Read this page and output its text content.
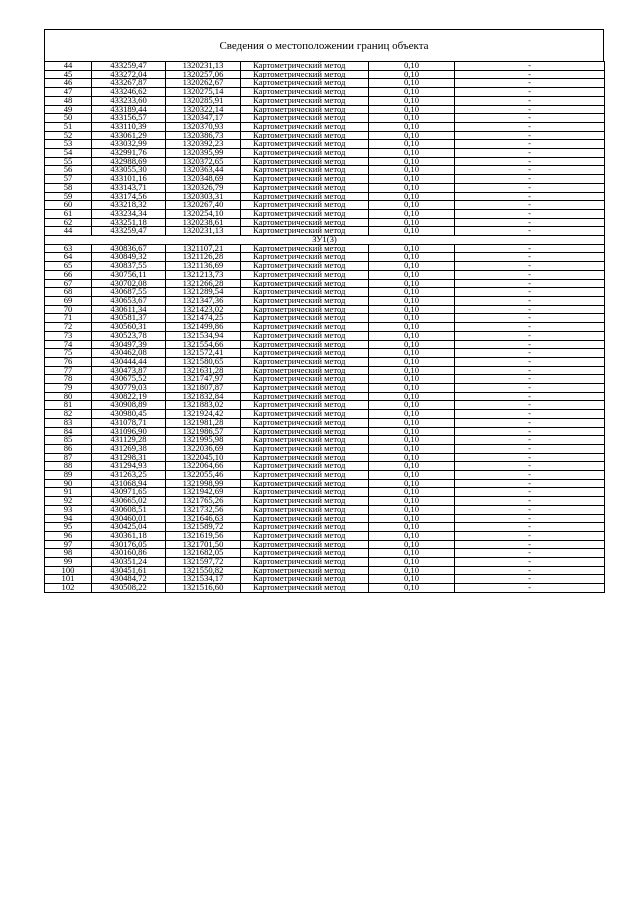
Сведения о местоположении границ объекта
44	433259,47	1320231,13	Картометрический метод	0,10	-
45	433272,04	1320257,06	Картометрический метод	0,10	-
46	433267,87	1320262,67	Картометрический метод	0,10	-
47	433246,62	1320275,14	Картометрический метод	0,10	-
48	433233,60	1320285,91	Картометрический метод	0,10	-
49	433189,44	1320322,14	Картометрический метод	0,10	-
50	433156,57	1320347,17	Картометрический метод	0,10	-
51	433110,39	1320370,93	Картометрический метод	0,10	-
52	433061,29	1320386,73	Картометрический метод	0,10	-
53	433032,99	1320392,23	Картометрический метод	0,10	-
54	432991,76	1320395,99	Картометрический метод	0,10	-
55	432988,69	1320372,65	Картометрический метод	0,10	-
56	433055,30	1320363,44	Картометрический метод	0,10	-
57	433101,16	1320348,69	Картометрический метод	0,10	-
58	433143,71	1320326,79	Картометрический метод	0,10	-
59	433174,56	1320303,31	Картометрический метод	0,10	-
60	433218,32	1320267,40	Картометрический метод	0,10	-
61	433234,34	1320254,10	Картометрический метод	0,10	-
62	433251,18	1320238,61	Картометрический метод	0,10	-
44	433259,47	1320231,13	Картометрический метод	0,10	-
ЗУ1(3)					
63	430836,67	1321107,21	Картометрический метод	0,10	-
64	430849,32	1321126,28	Картометрический метод	0,10	-
65	430837,55	1321136,69	Картометрический метод	0,10	-
66	430756,11	1321213,73	Картометрический метод	0,10	-
67	430702,08	1321266,28	Картометрический метод	0,10	-
68	430687,55	1321289,54	Картометрический метод	0,10	-
69	430653,67	1321347,36	Картометрический метод	0,10	-
70	430611,34	1321423,02	Картометрический метод	0,10	-
71	430581,37	1321474,25	Картометрический метод	0,10	-
72	430560,31	1321499,86	Картометрический метод	0,10	-
73	430523,78	1321534,94	Картометрический метод	0,10	-
74	430497,39	1321554,66	Картометрический метод	0,10	-
75	430462,08	1321572,41	Картометрический метод	0,10	-
76	430444,44	1321580,65	Картометрический метод	0,10	-
77	430473,87	1321631,28	Картометрический метод	0,10	-
78	430675,52	1321747,97	Картометрический метод	0,10	-
79	430779,03	1321807,87	Картометрический метод	0,10	-
80	430822,19	1321832,84	Картометрический метод	0,10	-
81	430908,89	1321883,02	Картометрический метод	0,10	-
82	430980,45	1321924,42	Картометрический метод	0,10	-
83	431078,71	1321981,28	Картометрический метод	0,10	-
84	431096,90	1321986,57	Картометрический метод	0,10	-
85	431129,28	1321995,98	Картометрический метод	0,10	-
86	431269,38	1322036,69	Картометрический метод	0,10	-
87	431298,31	1322045,10	Картометрический метод	0,10	-
88	431294,93	1322064,66	Картометрический метод	0,10	-
89	431263,25	1322055,46	Картометрический метод	0,10	-
90	431068,94	1321998,99	Картометрический метод	0,10	-
91	430971,65	1321942,69	Картометрический метод	0,10	-
92	430665,02	1321765,26	Картометрический метод	0,10	-
93	430608,51	1321732,56	Картометрический метод	0,10	-
94	430460,01	1321646,63	Картометрический метод	0,10	-
95	430425,04	1321589,72	Картометрический метод	0,10	-
96	430361,18	1321619,56	Картометрический метод	0,10	-
97	430176,05	1321701,50	Картометрический метод	0,10	-
98	430160,86	1321682,05	Картометрический метод	0,10	-
99	430351,24	1321597,72	Картометрический метод	0,10	-
100	430451,61	1321550,82	Картометрический метод	0,10	-
101	430484,72	1321534,17	Картометрический метод	0,10	-
102	430508,22	1321516,60	Картометрический метод	0,10	-
